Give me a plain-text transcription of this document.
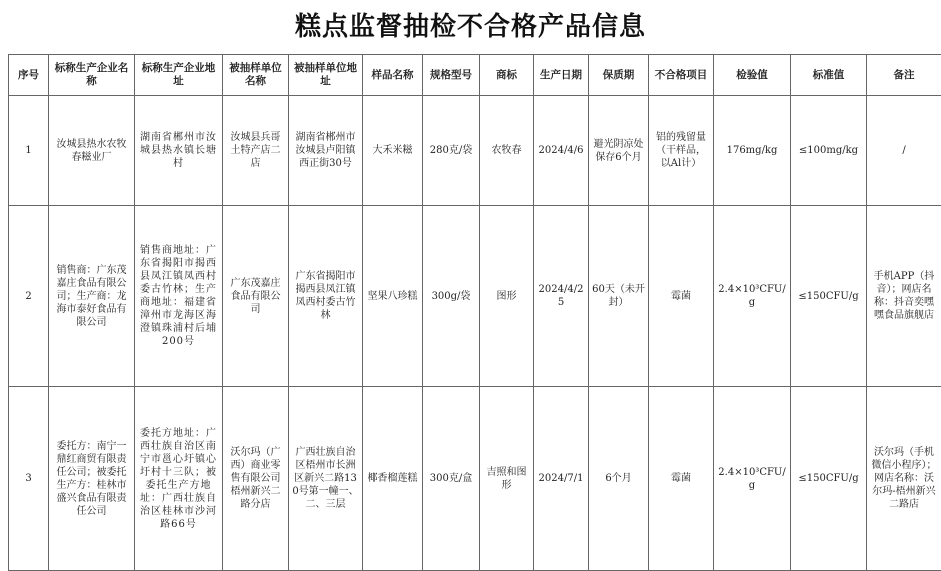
糕点监督抽检不合格产品信息
序号	标称生产企业名称	标称生产企业地址	被抽样单位名称	被抽样单位地址	样品名称	规格型号	商标	生产日期	保质期	不合格项目	检验值	标准值	备注
1	汝城县热水农牧春糍业厂	湖南省郴州市汝城县热水镇长塘村	汝城县兵哥土特产店二店	湖南省郴州市汝城县卢阳镇西正街30号	大禾米糍	280克/袋	农牧春	2024/4/6	避光阴凉处保存6个月	铝的残留量（干样品，以Al计）	176mg/kg	≤100mg/kg	/
2	销售商：广东茂嘉庄食品有限公司；生产商：龙海市泰好食品有限公司	销售商地址：广东省揭阳市揭西县凤江镇凤西村委古竹林；生产商地址：福建省漳州市龙海区海澄镇珠浦村后埔200号	广东茂嘉庄食品有限公司	广东省揭阳市揭西县凤江镇凤西村委古竹林	坚果八珍糕	300g/袋	图形	2024/4/25	60天（未开封）	霉菌	2.4×10³CFU/g	≤150CFU/g	手机APP（抖音）；网店名称：抖音奕嘿嘿食品旗舰店
3	委托方：南宁一鼎红商贸有限责任公司；被委托生产方：桂林市盛兴食品有限责任公司	委托方地址：广西壮族自治区南宁市邕心圩镇心圩村十三队；被委托生产方地址：广西壮族自治区桂林市沙河路66号	沃尔玛（广西）商业零售有限公司梧州新兴二路分店	广西壮族自治区梧州市长洲区新兴二路130号第一幢一、二、三层	椰香榴莲糕	300克/盒	吉照和图形	2024/7/1	6个月	霉菌	2.4×10³CFU/g	≤150CFU/g	沃尔玛（手机微信小程序）；网店名称：沃尔玛-梧州新兴二路店
